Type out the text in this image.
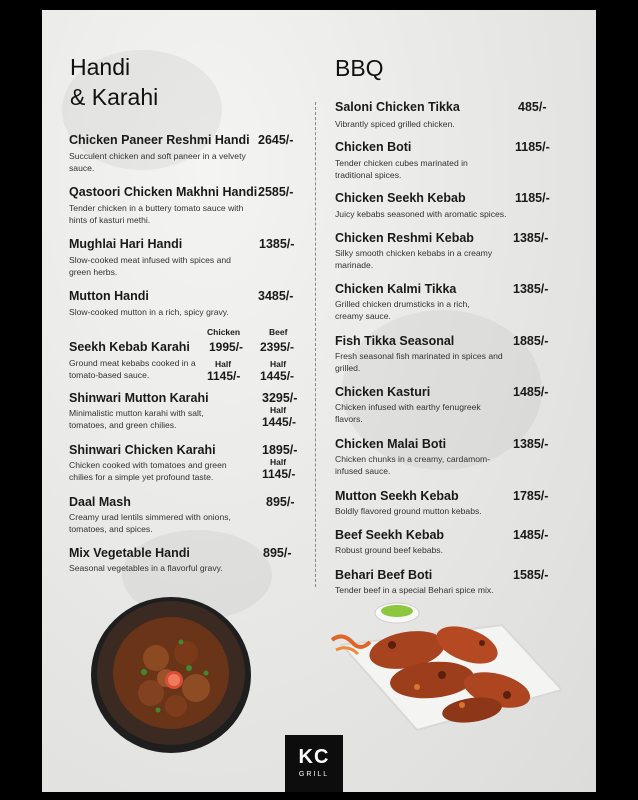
Handi
& Karahi
Chicken Paneer Reshmi Handi 2645/-
Succulent chicken and soft paneer in a velvety sauce.
Qastoori Chicken Makhni Handi 2585/-
Tender chicken in a buttery tomato sauce with hints of kasturi methi.
Mughlai Hari Handi	1385/-
Slow-cooked meat infused with spices and green herbs.
Mutton Handi	3485/-
Slow-cooked mutton in a rich, spicy gravy.
Chicken	Beef
Seekh Kebab Karahi 1995/- 2395/-
Ground meat kebabs cooked in a tomato-based sauce.
Half	Half
1145/- 1445/-
Shinwari Mutton Karahi	3295/-
Minimalistic mutton karahi with salt, tomatoes, and green chilies.
Half
1445/-
Shinwari Chicken Karahi	1895/-
Chicken cooked with tomatoes and green chilies for a simple yet profound taste.
Half
1145/-
Daal Mash	895/-
Creamy urad lentils simmered with onions, tomatoes, and spices.
Mix Vegetable Handi	895/-
Seasonal vegetables in a flavorful gravy.
BBQ
Saloni Chicken Tikka	485/-
Vibrantly spiced grilled chicken.
Chicken Boti	1185/-
Tender chicken cubes marinated in traditional spices.
Chicken Seekh Kebab	1185/-
Juicy kebabs seasoned with aromatic spices.
Chicken Reshmi Kebab	1385/-
Silky smooth chicken kebabs in a creamy marinade.
Chicken Kalmi Tikka	1385/-
Grilled chicken drumsticks in a rich, creamy sauce.
Fish Tikka Seasonal	1885/-
Fresh seasonal fish marinated in spices and grilled.
Chicken Kasturi	1485/-
Chicken infused with earthy fenugreek flavors.
Chicken Malai Boti	1385/-
Chicken chunks in a creamy, cardamom-infused sauce.
Mutton Seekh Kebab	1785/-
Boldly flavored ground mutton kebabs.
Beef Seekh Kebab	1485/-
Robust ground beef kebabs.
Behari Beef Boti	1585/-
Tender beef in a special Behari spice mix.
KC
GRILL
